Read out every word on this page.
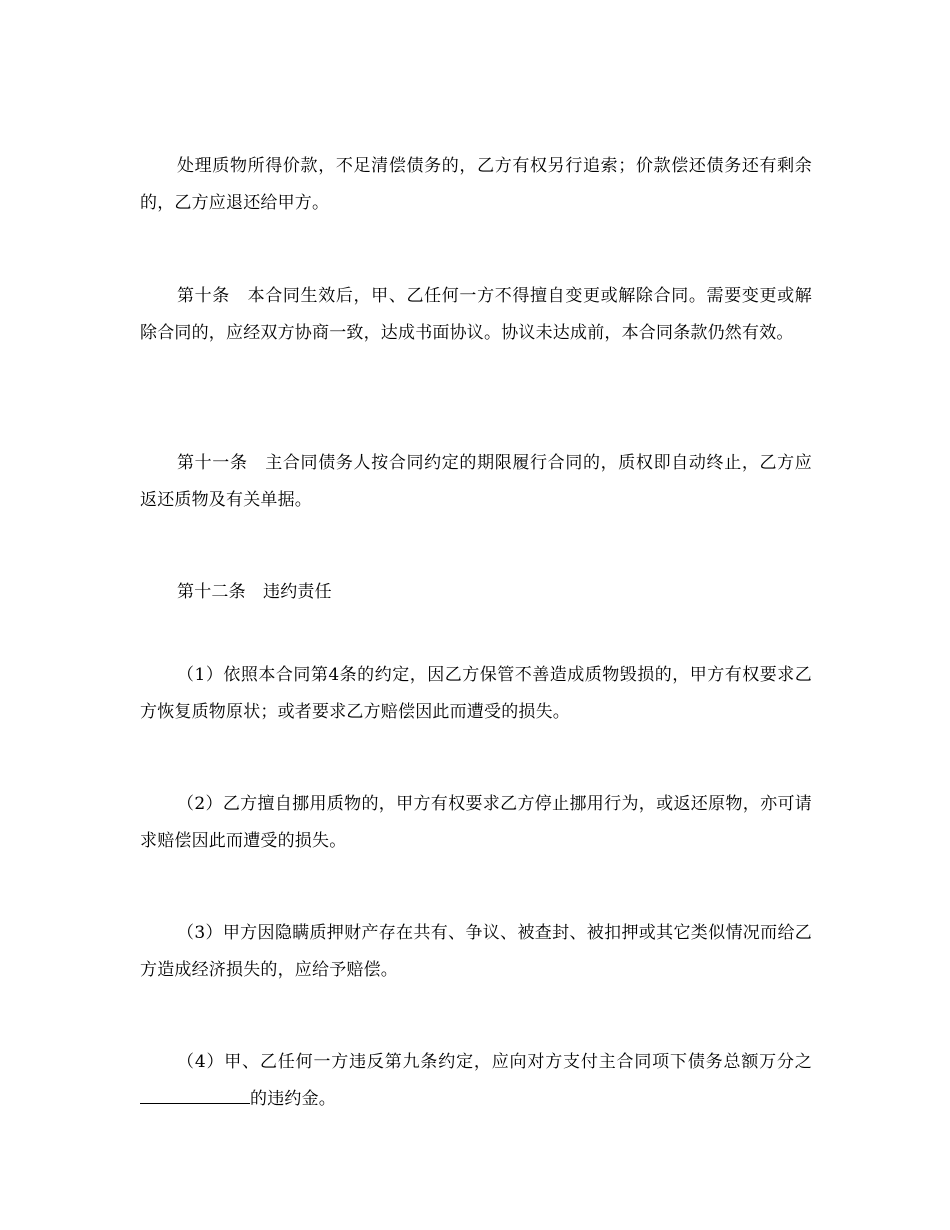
处理质物所得价款，不足清偿债务的，乙方有权另行追索；价款偿还债务还有剩余的，乙方应退还给甲方。

第十条　本合同生效后，甲、乙任何一方不得擅自变更或解除合同。需要变更或解除合同的，应经双方协商一致，达成书面协议。协议未达成前，本合同条款仍然有效。

第十一条　主合同债务人按合同约定的期限履行合同的，质权即自动终止，乙方应返还质物及有关单据。

第十二条　违约责任

（1）依照本合同第4条的约定，因乙方保管不善造成质物毁损的，甲方有权要求乙方恢复质物原状；或者要求乙方赔偿因此而遭受的损失。

（2）乙方擅自挪用质物的，甲方有权要求乙方停止挪用行为，或返还原物，亦可请求赔偿因此而遭受的损失。

（3）甲方因隐瞒质押财产存在共有、争议、被查封、被扣押或其它类似情况而给乙方造成经济损失的，应给予赔偿。

（4）甲、乙任何一方违反第九条约定，应向对方支付主合同项下债务总额万分之的违约金。
